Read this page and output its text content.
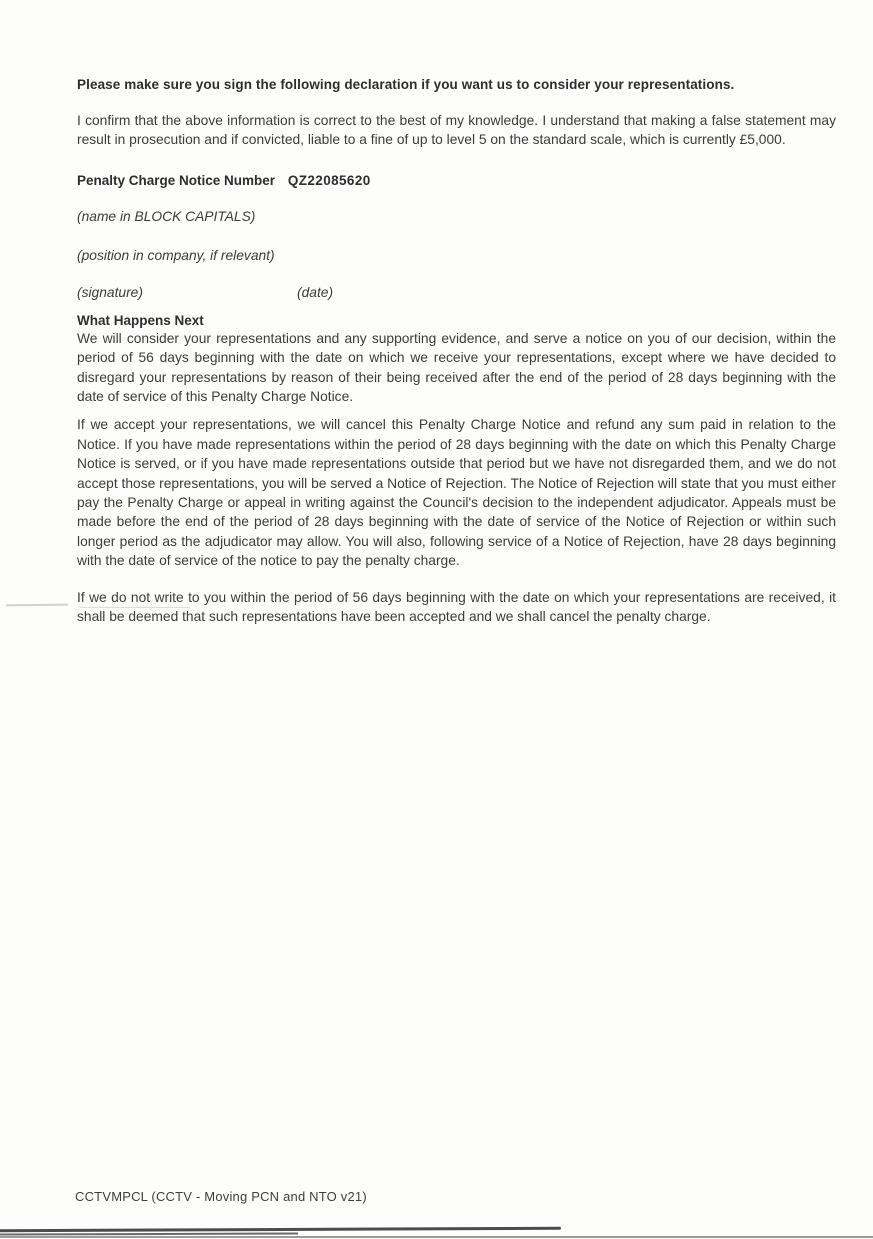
Please make sure you sign the following declaration if you want us to consider your representations.

I confirm that the above information is correct to the best of my knowledge. I understand that making a false statement may result in prosecution and if convicted, liable to a fine of up to level 5 on the standard scale, which is currently £5,000.

Penalty Charge Notice Number QZ22085620

(name in BLOCK CAPITALS)

(position in company, if relevant)

(signature)	(date)

What Happens Next

We will consider your representations and any supporting evidence, and serve a notice on you of our decision, within the period of 56 days beginning with the date on which we receive your representations, except where we have decided to disregard your representations by reason of their being received after the end of the period of 28 days beginning with the date of service of this Penalty Charge Notice.

If we accept your representations, we will cancel this Penalty Charge Notice and refund any sum paid in relation to the Notice. If you have made representations within the period of 28 days beginning with the date on which this Penalty Charge Notice is served, or if you have made representations outside that period but we have not disregarded them, and we do not accept those representations, you will be served a Notice of Rejection. The Notice of Rejection will state that you must either pay the Penalty Charge or appeal in writing against the Council's decision to the independent adjudicator. Appeals must be made before the end of the period of 28 days beginning with the date of service of the Notice of Rejection or within such longer period as the adjudicator may allow. You will also, following service of a Notice of Rejection, have 28 days beginning with the date of service of the notice to pay the penalty charge.

If we do not write to you within the period of 56 days beginning with the date on which your representations are received, it shall be deemed that such representations have been accepted and we shall cancel the penalty charge.

CCTVMPCL (CCTV - Moving PCN and NTO v21)
